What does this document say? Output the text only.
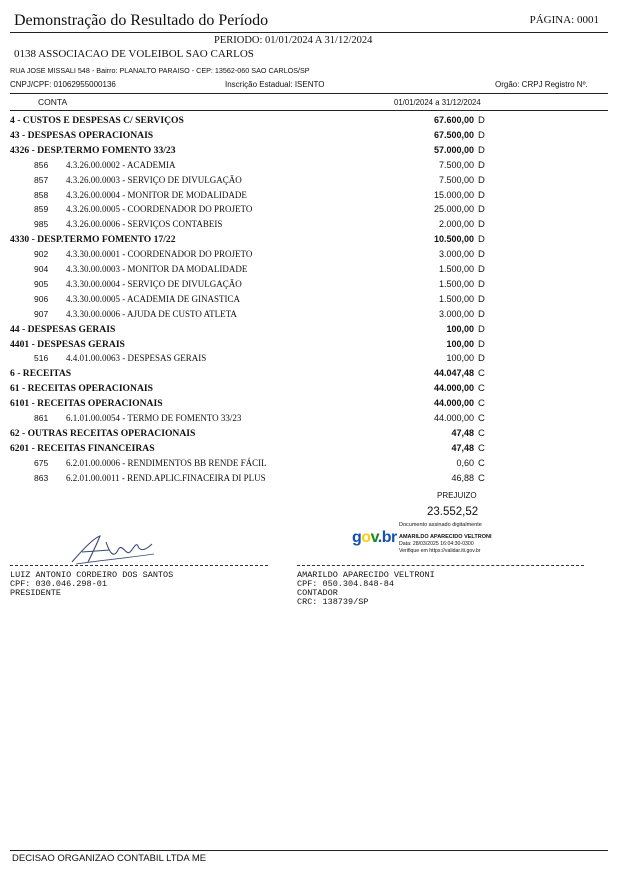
Demonstração do Resultado do Período	PÁGINA: 0001
PERIODO: 01/01/2024 A 31/12/2024
0138 ASSOCIACAO DE VOLEIBOL SAO CARLOS
RUA JOSE MISSALI 548 - Bairro: PLANALTO PARAISO - CEP: 13562-060 SAO CARLOS/SP
CNPJ/CPF: 01062955000136	Inscrição Estadual: ISENTO	Orgão: CRPJ Registro Nº.
CONTA	01/01/2024 a 31/12/2024
4 - CUSTOS E DESPESAS C/ SERVIÇOS	67.600,00 D
43 - DESPESAS OPERACIONAIS	67.500,00 D
4326 - DESP.TERMO FOMENTO 33/23	57.000,00 D
856 4.3.26.00.0002 - ACADEMIA	7.500,00 D
857 4.3.26.00.0003 - SERVIÇO DE DIVULGAÇÃO	7.500,00 D
858 4.3.26.00.0004 - MONITOR DE MODALIDADE	15.000,00 D
859 4.3.26.00.0005 - COORDENADOR DO PROJETO	25.000,00 D
985 4.3.26.00.0006 - SERVIÇOS CONTABEIS	2.000,00 D
4330 - DESP.TERMO FOMENTO 17/22	10.500,00 D
902 4.3.30.00.0001 - COORDENADOR DO PROJETO	3.000,00 D
904 4.3.30.00.0003 - MONITOR DA MODALIDADE	1.500,00 D
905 4.3.30.00.0004 - SERVIÇO DE DIVULGAÇÃO	1.500,00 D
906 4.3.30.00.0005 - ACADEMIA DE GINASTICA	1.500,00 D
907 4.3.30.00.0006 - AJUDA DE CUSTO ATLETA	3.000,00 D
44 - DESPESAS GERAIS	100,00 D
4401 - DESPESAS GERAIS	100,00 D
516 4.4.01.00.0063 - DESPESAS GERAIS	100,00 D
6 - RECEITAS	44.047,48 C
61 - RECEITAS OPERACIONAIS	44.000,00 C
6101 - RECEITAS OPERACIONAIS	44.000,00 C
861 6.1.01.00.0054 - TERMO DE FOMENTO 33/23	44.000,00 C
62 - OUTRAS RECEITAS OPERACIONAIS	47,48 C
6201 - RECEITAS FINANCEIRAS	47,48 C
675 6.2.01.00.0006 - RENDIMENTOS BB RENDE FÁCIL	0,60 C
863 6.2.01.00.0011 - REND.APLIC.FINACEIRA DI PLUS	46,88 C
PREJUIZO
23.552,52
gov.br
Documento assinado digitalmente
AMARILDO APARECIDO VELTRONI
Data: 28/03/2025 16:04:30-0300
Verifique em https://validar.iti.gov.br
LUIZ ANTONIO CORDEIRO DOS SANTOS
CPF: 030.046.298-01
PRESIDENTE
AMARILDO APARECIDO VELTRONI
CPF: 050.304.848-84
CONTADOR
CRC: 138739/SP
DECISAO ORGANIZAO CONTABIL LTDA ME
